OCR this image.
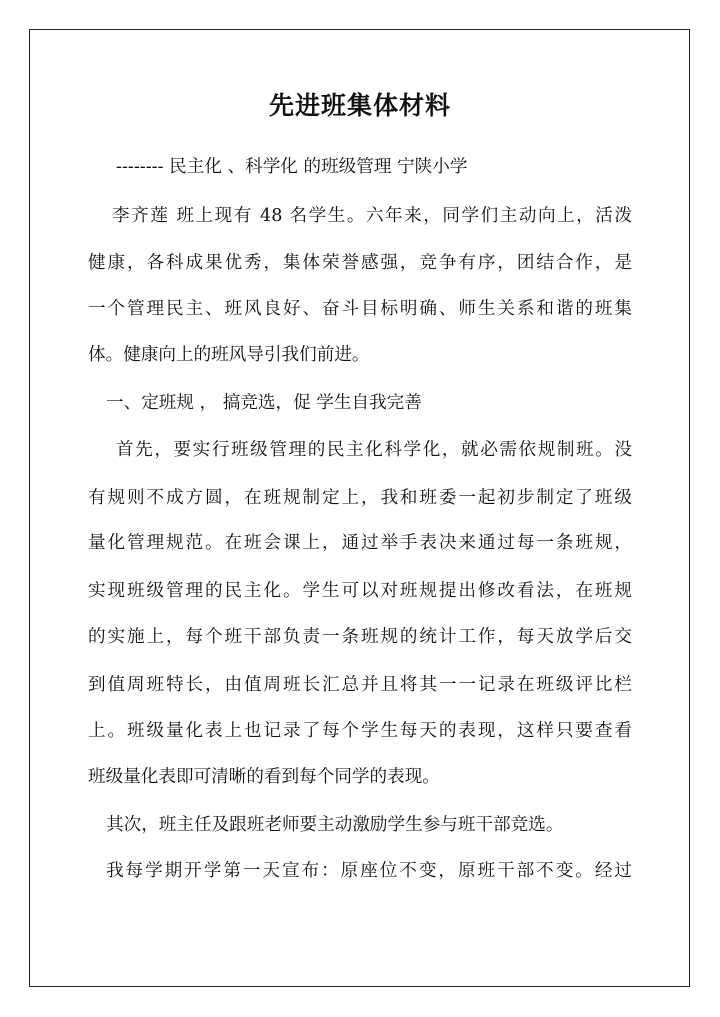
先进班集体材料
-------- 民主化 、科学化 的班级管理 宁陕小学
李齐莲 班上现有 48 名学生。六年来，同学们主动向上，活泼
健康，各科成果优秀，集体荣誉感强，竞争有序，团结合作，是
一个管理民主、班风良好、奋斗目标明确、师生关系和谐的班集
体。健康向上的班风导引我们前进。
一、定班规 ， 搞竞选，促 学生自我完善
首先，要实行班级管理的民主化科学化，就必需依规制班。没
有规则不成方圆，在班规制定上，我和班委一起初步制定了班级
量化管理规范。在班会课上，通过举手表决来通过每一条班规，
实现班级管理的民主化。学生可以对班规提出修改看法，在班规
的实施上，每个班干部负责一条班规的统计工作，每天放学后交
到值周班特长，由值周班长汇总并且将其一一记录在班级评比栏
上。班级量化表上也记录了每个学生每天的表现，这样只要查看
班级量化表即可清晰的看到每个同学的表现。
其次，班主任及跟班老师要主动激励学生参与班干部竞选。
我每学期开学第一天宣布：原座位不变，原班干部不变。经过
